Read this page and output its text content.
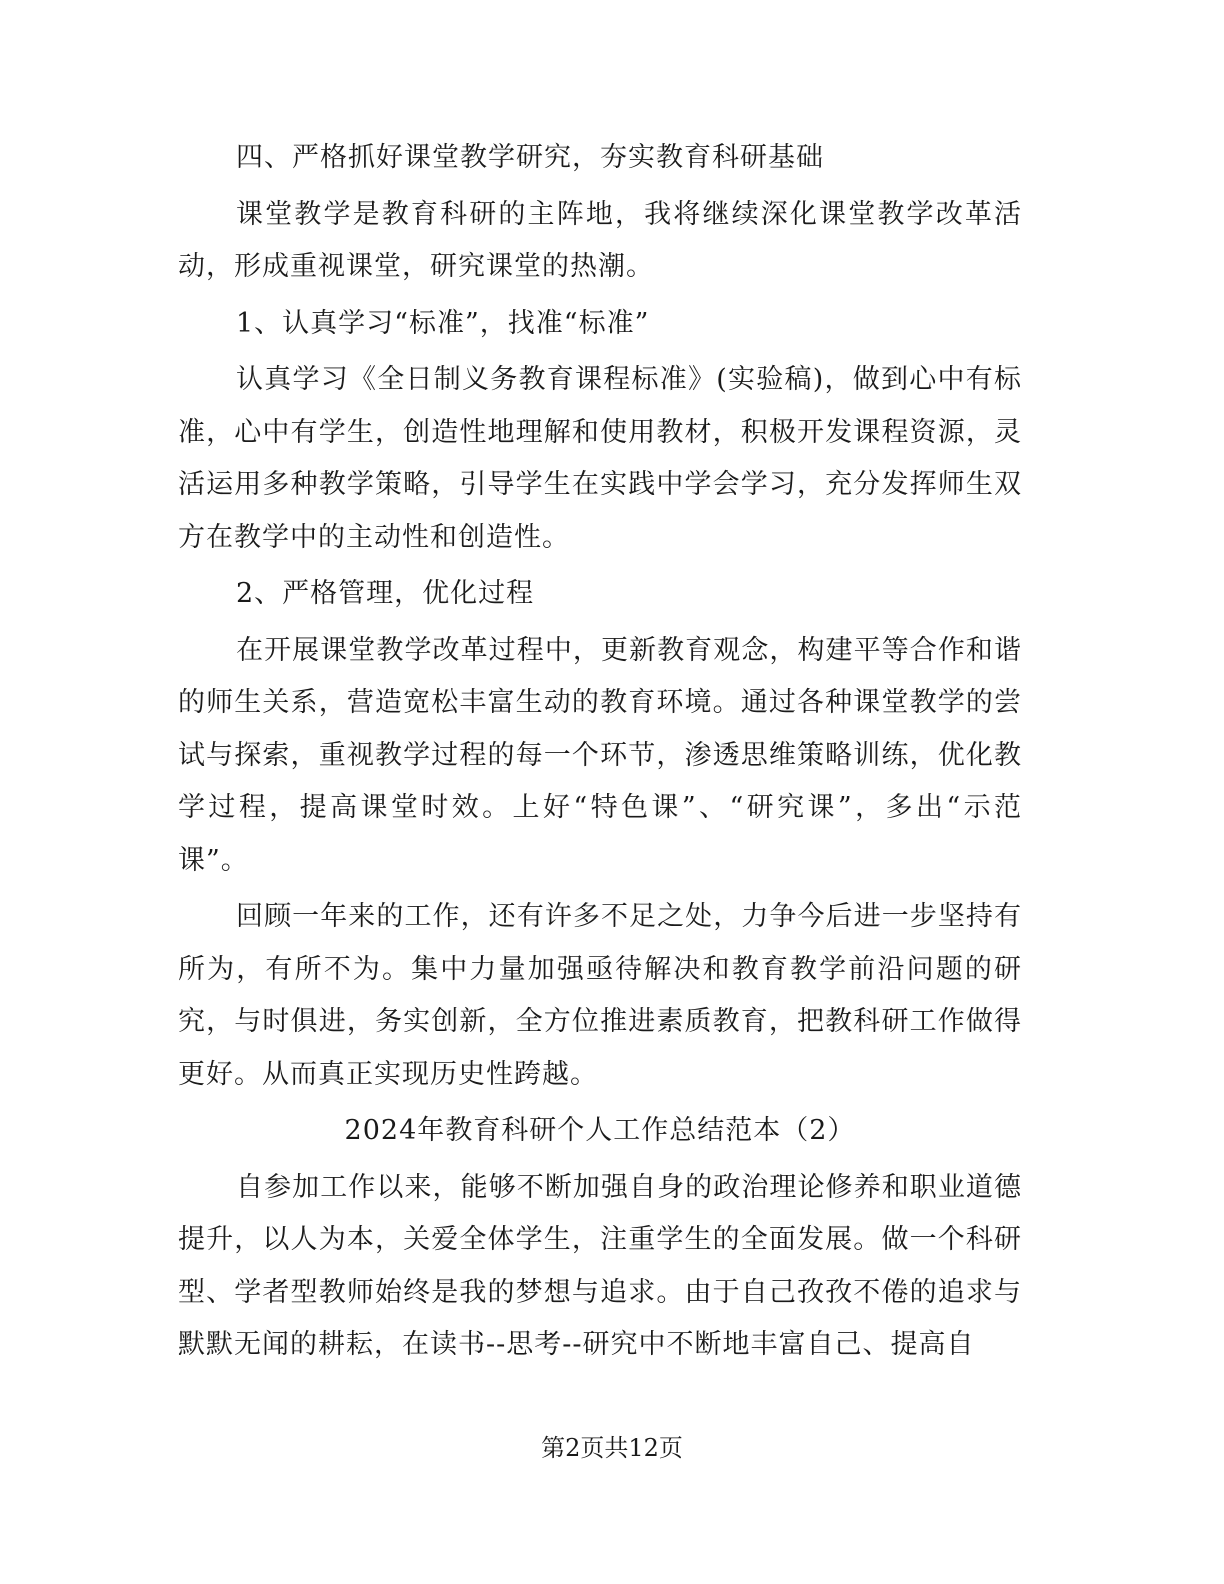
四、严格抓好课堂教学研究，夯实教育科研基础

课堂教学是教育科研的主阵地，我将继续深化课堂教学改革活动，形成重视课堂，研究课堂的热潮。

1、认真学习“标准”，找准“标准”

认真学习《全日制义务教育课程标准》(实验稿)，做到心中有标准，心中有学生，创造性地理解和使用教材，积极开发课程资源，灵活运用多种教学策略，引导学生在实践中学会学习，充分发挥师生双方在教学中的主动性和创造性。

2、严格管理，优化过程

在开展课堂教学改革过程中，更新教育观念，构建平等合作和谐的师生关系，营造宽松丰富生动的教育环境。通过各种课堂教学的尝试与探索，重视教学过程的每一个环节，渗透思维策略训练，优化教学过程，提高课堂时效。上好“特色课”、“研究课”，多出“示范课”。

回顾一年来的工作，还有许多不足之处，力争今后进一步坚持有所为，有所不为。集中力量加强亟待解决和教育教学前沿问题的研究，与时俱进，务实创新，全方位推进素质教育，把教科研工作做得更好。从而真正实现历史性跨越。

2024年教育科研个人工作总结范本（2）

自参加工作以来，能够不断加强自身的政治理论修养和职业道德提升，以人为本，关爱全体学生，注重学生的全面发展。做一个科研型、学者型教师始终是我的梦想与追求。由于自己孜孜不倦的追求与默默无闻的耕耘，在读书--思考--研究中不断地丰富自己、提高自

第2页共12页
